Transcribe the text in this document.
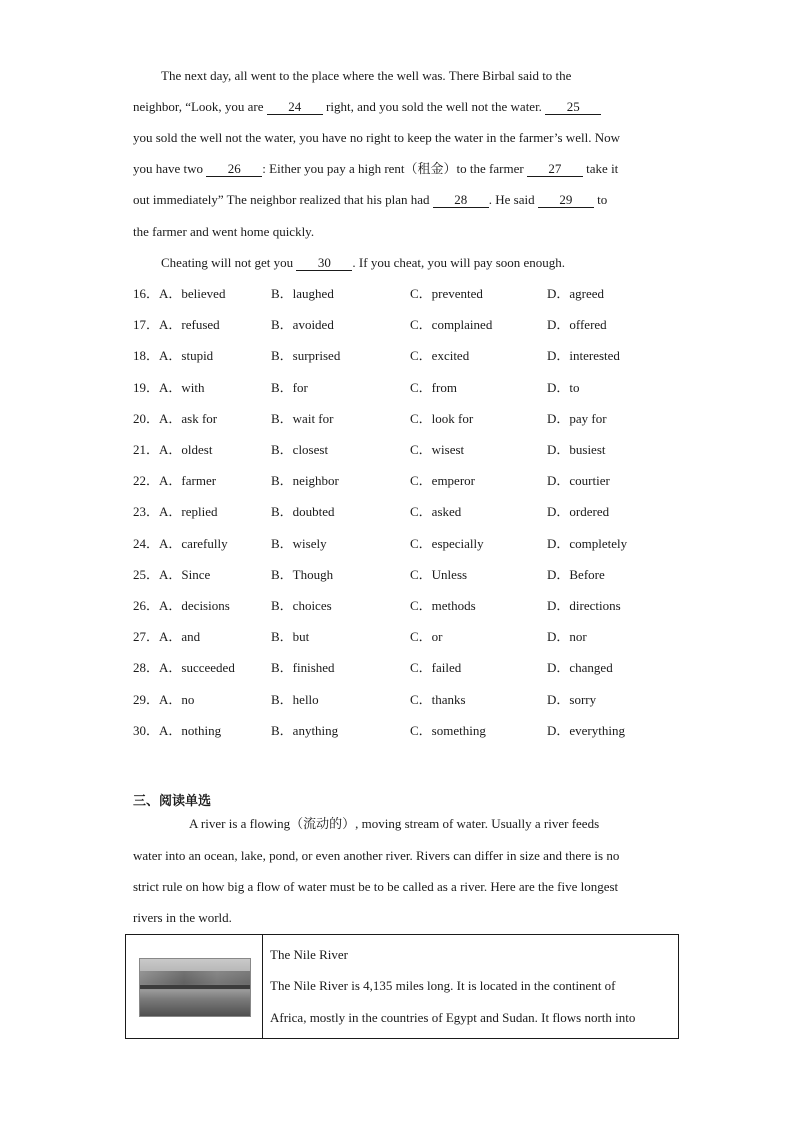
The next day, all went to the place where the well was. There Birbal said to the
neighbor, “Look, you are 24 right, and you sold the well not the water. 25
you sold the well not the water, you have no right to keep the water in the farmer’s well. Now
you have two 26 : Either you pay a high rent（租金）to the farmer 27 take it
out immediately” The neighbor realized that his plan had 28 . He said 29 to
the farmer and went home quickly.
Cheating will not get you 30 . If you cheat, you will pay soon enough.
16．A．believed	B．laughed	C．prevented	D．agreed
17．A．refused	B．avoided	C．complained	D．offered
18．A．stupid	B．surprised	C．excited	D．interested
19．A．with	B．for	C．from	D．to
20．A．ask for	B．wait for	C．look for	D．pay for
21．A．oldest	B．closest	C．wisest	D．busiest
22．A．farmer	B．neighbor	C．emperor	D．courtier
23．A．replied	B．doubted	C．asked	D．ordered
24．A．carefully	B．wisely	C．especially	D．completely
25．A．Since	B．Though	C．Unless	D．Before
26．A．decisions	B．choices	C．methods	D．directions
27．A．and	B．but	C．or	D．nor
28．A．succeeded	B．finished	C．failed	D．changed
29．A．no	B．hello	C．thanks	D．sorry
30．A．nothing	B．anything	C．something	D．everything
三、阅读单选
A river is a flowing（流动的）, moving stream of water. Usually a river feeds
water into an ocean, lake, pond, or even another river. Rivers can differ in size and there is no
strict rule on how big a flow of water must be to be called as a river. Here are the five longest
rivers in the world.

The Nile River
The Nile River is 4,135 miles long. It is located in the continent of
Africa, mostly in the countries of Egypt and Sudan. It flows north into
